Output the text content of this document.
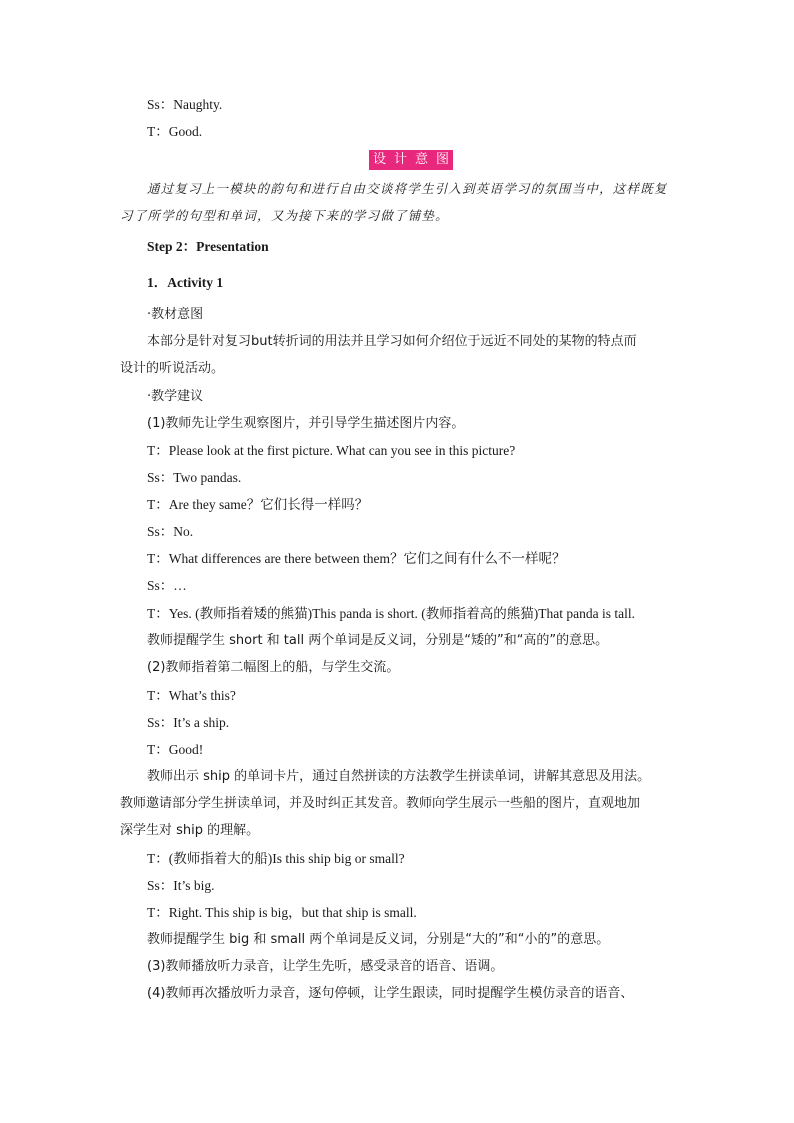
Ss：Naughty.
T：Good.
设 计 意 图
通过复习上一模块的韵句和进行自由交谈将学生引入到英语学习的氛围当中，这样既复
习了所学的句型和单词，又为接下来的学习做了铺垫。
Step 2：Presentation
1．Activity 1
·教材意图
本部分是针对复习but转折词的用法并且学习如何介绍位于远近不同处的某物的特点而
设计的听说活动。
·教学建议
(1)教师先让学生观察图片，并引导学生描述图片内容。
T：Please look at the first picture. What can you see in this picture?
Ss：Two pandas.
T：Are they same？它们长得一样吗？
Ss：No.
T：What differences are there between them？它们之间有什么不一样呢？
Ss：…
T：Yes. (教师指着矮的熊猫)This panda is short. (教师指着高的熊猫)That panda is tall.
教师提醒学生 short 和 tall 两个单词是反义词，分别是“矮的”和“高的”的意思。
(2)教师指着第二幅图上的船，与学生交流。
T：What’s this?
Ss：It’s a ship.
T：Good!
教师出示 ship 的单词卡片，通过自然拼读的方法教学生拼读单词，讲解其意思及用法。
教师邀请部分学生拼读单词，并及时纠正其发音。教师向学生展示一些船的图片，直观地加
深学生对 ship 的理解。
T：(教师指着大的船)Is this ship big or small?
Ss：It’s big.
T：Right. This ship is big，but that ship is small.
教师提醒学生 big 和 small 两个单词是反义词，分别是“大的”和“小的”的意思。
(3)教师播放听力录音，让学生先听，感受录音的语音、语调。
(4)教师再次播放听力录音，逐句停顿，让学生跟读，同时提醒学生模仿录音的语音、
